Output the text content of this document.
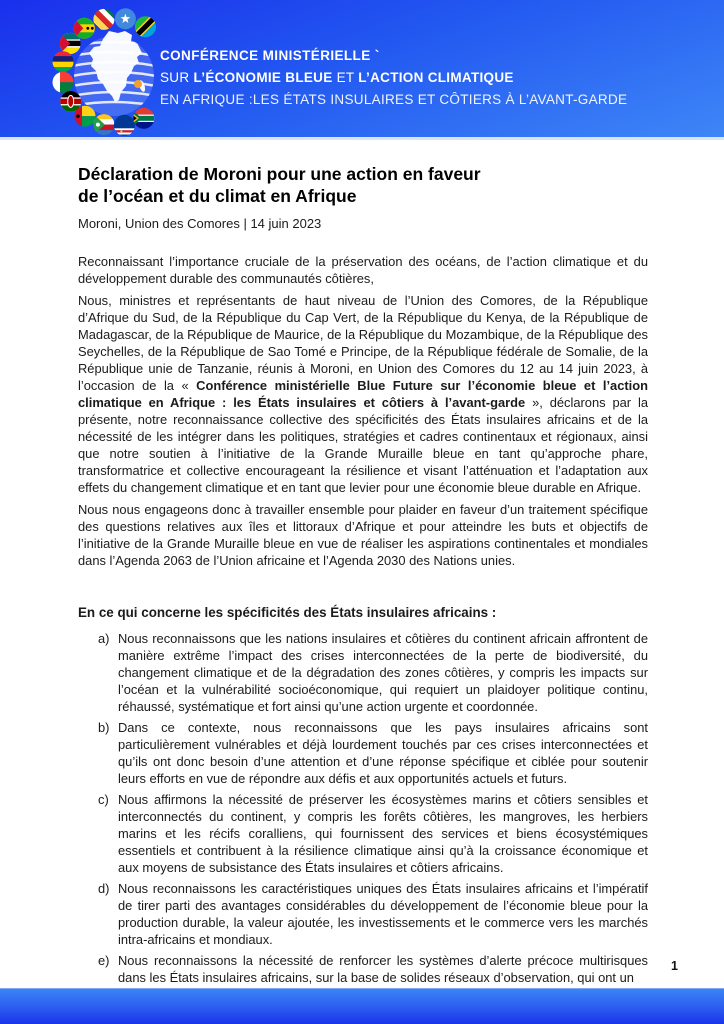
CONFÉRENCE MINISTÉRIELLE `
SUR L’ÉCONOMIE BLEUE ET L’ACTION CLIMATIQUE
EN AFRIQUE :LES ÉTATS INSULAIRES ET CÔTIERS À L’AVANT-GARDE
Déclaration de Moroni pour une action en faveur
de l’océan et du climat en Afrique
Moroni, Union des Comores | 14 juin 2023

Reconnaissant l’importance cruciale de la préservation des océans, de l’action climatique et du développement durable des communautés côtières,

Nous, ministres et représentants de haut niveau de l’Union des Comores, de la République d’Afrique du Sud, de la République du Cap Vert, de la République du Kenya, de la République de Madagascar, de la République de Maurice, de la République du Mozambique, de la République des Seychelles, de la République de Sao Tomé e Principe, de la République fédérale de Somalie, de la République unie de Tanzanie, réunis à Moroni, en Union des Comores du 12 au 14 juin 2023, à l’occasion de la « Conférence ministérielle Blue Future sur l’économie bleue et l’action climatique en Afrique : les États insulaires et côtiers à l’avant-garde », déclarons par la présente, notre reconnaissance collective des spécificités des États insulaires africains et de la nécessité de les intégrer dans les politiques, stratégies et cadres continentaux et régionaux, ainsi que notre soutien à l’initiative de la Grande Muraille bleue en tant qu’approche phare, transformatrice et collective encourageant la résilience et visant l’atténuation et l’adaptation aux effets du changement climatique et en tant que levier pour une économie bleue durable en Afrique.

Nous nous engageons donc à travailler ensemble pour plaider en faveur d’un traitement spécifique des questions relatives aux îles et littoraux d’Afrique et pour atteindre les buts et objectifs de l’initiative de la Grande Muraille bleue en vue de réaliser les aspirations continentales et mondiales dans l’Agenda 2063 de l’Union africaine et l’Agenda 2030 des Nations unies.

En ce qui concerne les spécificités des États insulaires africains :
a) Nous reconnaissons que les nations insulaires et côtières du continent africain affrontent de manière extrême l’impact des crises interconnectées de la perte de biodiversité, du changement climatique et de la dégradation des zones côtières, y compris les impacts sur l’océan et la vulnérabilité socioéconomique, qui requiert un plaidoyer politique continu, réhaussé, systématique et fort ainsi qu’une action urgente et coordonnée.
b) Dans ce contexte, nous reconnaissons que les pays insulaires africains sont particulièrement vulnérables et déjà lourdement touchés par ces crises interconnectées et qu’ils ont donc besoin d’une attention et d’une réponse spécifique et ciblée pour soutenir leurs efforts en vue de répondre aux défis et aux opportunités actuels et futurs.
c) Nous affirmons la nécessité de préserver les écosystèmes marins et côtiers sensibles et interconnectés du continent, y compris les forêts côtières, les mangroves, les herbiers marins et les récifs coralliens, qui fournissent des services et biens écosystémiques essentiels et contribuent à la résilience climatique ainsi qu’à la croissance économique et aux moyens de subsistance des États insulaires et côtiers africains.
d) Nous reconnaissons les caractéristiques uniques des États insulaires africains et l’impératif de tirer parti des avantages considérables du développement de l’économie bleue pour la production durable, la valeur ajoutée, les investissements et le commerce vers les marchés intra-africains et mondiaux.
e) Nous reconnaissons la nécessité de renforcer les systèmes d’alerte précoce multirisques dans les États insulaires africains, sur la base de solides réseaux d’observation, qui ont un
1
